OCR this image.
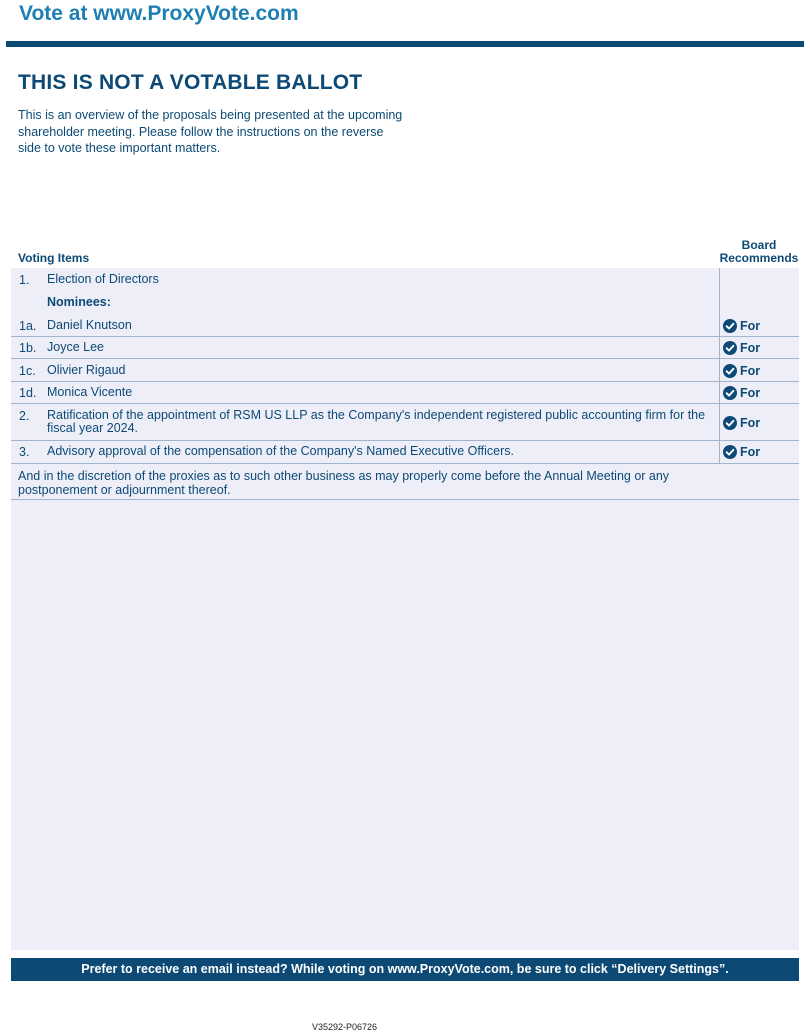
Vote at www.ProxyVote.com
THIS IS NOT A VOTABLE BALLOT
This is an overview of the proposals being presented at the upcoming shareholder meeting. Please follow the instructions on the reverse side to vote these important matters.
Voting Items
Board
Recommends
1. Election of Directors
Nominees:
1a. Daniel Knutson	For
1b. Joyce Lee	For
1c. Olivier Rigaud	For
1d. Monica Vicente	For
2. Ratification of the appointment of RSM US LLP as the Company's independent registered public accounting firm for the fiscal year 2024.	For
3. Advisory approval of the compensation of the Company's Named Executive Officers.	For
And in the discretion of the proxies as to such other business as may properly come before the Annual Meeting or any postponement or adjournment thereof.
Prefer to receive an email instead? While voting on www.ProxyVote.com, be sure to click “Delivery Settings”.
V35292-P06726
